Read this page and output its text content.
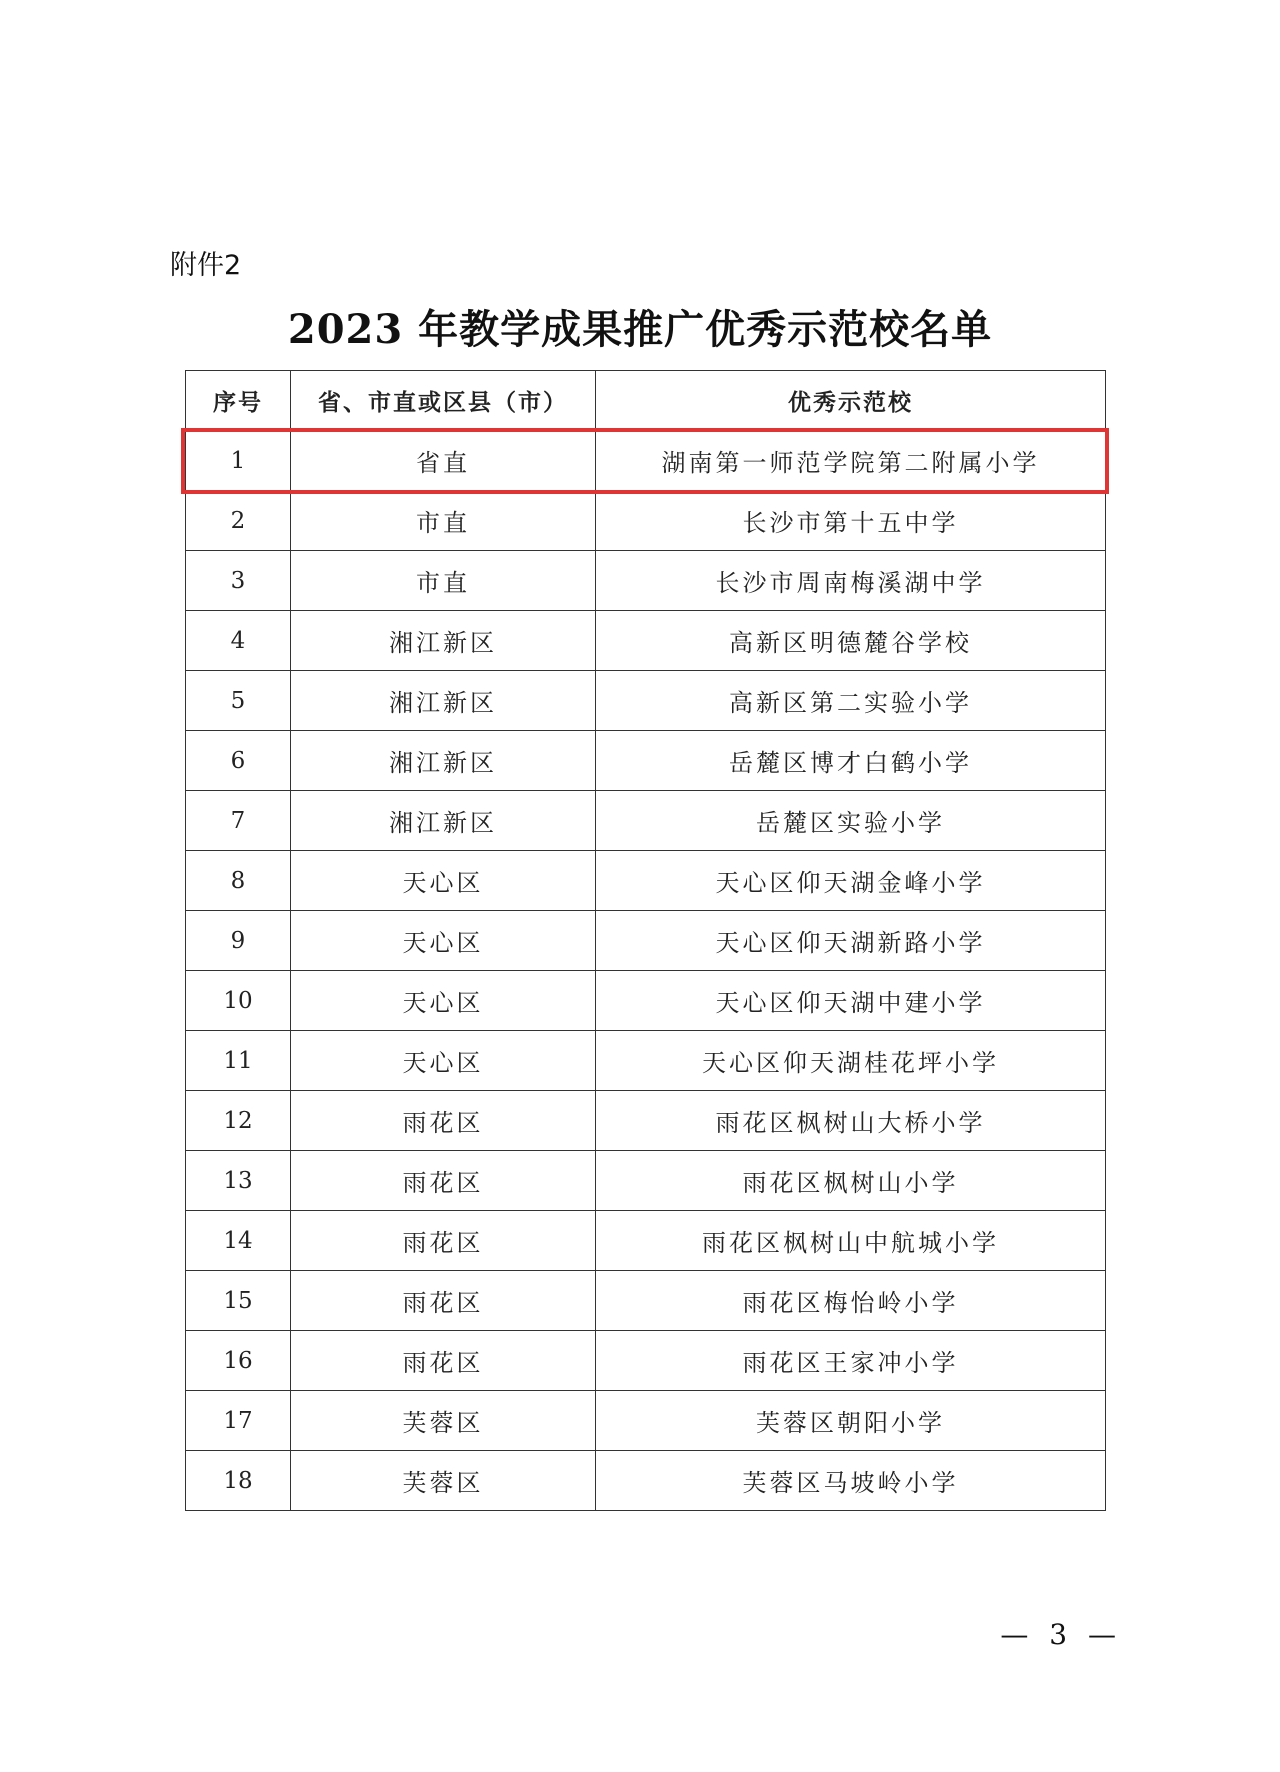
附件2
2023 年教学成果推广优秀示范校名单
序号	省、市直或区县（市）	优秀示范校
1	省直	湖南第一师范学院第二附属小学
2	市直	长沙市第十五中学
3	市直	长沙市周南梅溪湖中学
4	湘江新区	高新区明德麓谷学校
5	湘江新区	高新区第二实验小学
6	湘江新区	岳麓区博才白鹤小学
7	湘江新区	岳麓区实验小学
8	天心区	天心区仰天湖金峰小学
9	天心区	天心区仰天湖新路小学
10	天心区	天心区仰天湖中建小学
11	天心区	天心区仰天湖桂花坪小学
12	雨花区	雨花区枫树山大桥小学
13	雨花区	雨花区枫树山小学
14	雨花区	雨花区枫树山中航城小学
15	雨花区	雨花区梅怡岭小学
16	雨花区	雨花区王家冲小学
17	芙蓉区	芙蓉区朝阳小学
18	芙蓉区	芙蓉区马坡岭小学
— 3 —
